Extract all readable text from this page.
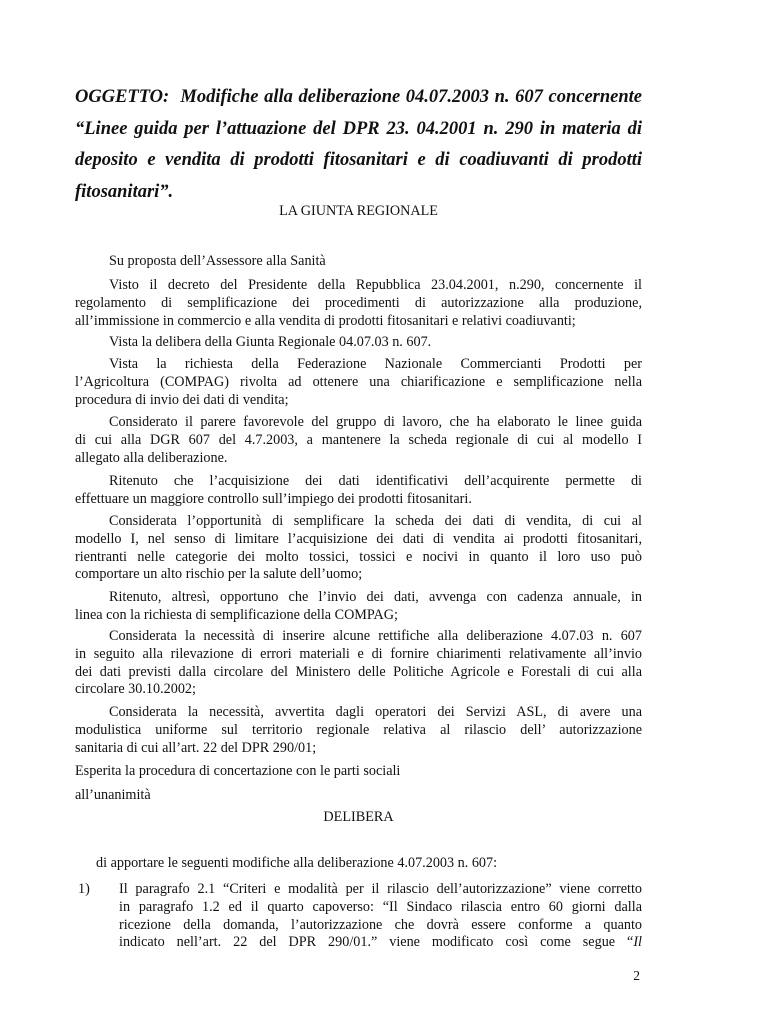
OGGETTO: Modifiche alla deliberazione 04.07.2003 n. 607 concernente
“Linee guida per l’attuazione del DPR 23. 04.2001 n. 290 in materia di
deposito e vendita di prodotti fitosanitari e di coadiuvanti di prodotti
fitosanitari”.

LA GIUNTA REGIONALE

Su proposta dell’Assessore alla Sanità

Visto il decreto del Presidente della Repubblica 23.04.2001, n.290, concernente il
regolamento di semplificazione dei procedimenti di autorizzazione alla produzione,
all’immissione in commercio e alla vendita di prodotti fitosanitari e relativi coadiuvanti;

Vista la delibera della Giunta Regionale 04.07.03 n. 607.

Vista la richiesta della Federazione Nazionale Commercianti Prodotti per
l’Agricoltura (COMPAG) rivolta ad ottenere una chiarificazione e semplificazione nella
procedura di invio dei dati di vendita;

Considerato il parere favorevole del gruppo di lavoro, che ha elaborato le linee guida
di cui alla DGR 607 del 4.7.2003, a mantenere la scheda regionale di cui al modello I
allegato alla deliberazione.

Ritenuto che l’acquisizione dei dati identificativi dell’acquirente permette di
effettuare un maggiore controllo sull’impiego dei prodotti fitosanitari.

Considerata l’opportunità di semplificare la scheda dei dati di vendita, di cui al
modello I, nel senso di limitare l’acquisizione dei dati di vendita ai prodotti fitosanitari,
rientranti nelle categorie dei molto tossici, tossici e nocivi in quanto il loro uso può
comportare un alto rischio per la salute dell’uomo;

Ritenuto, altresì, opportuno che l’invio dei dati, avvenga con cadenza annuale, in
linea con la richiesta di semplificazione della COMPAG;

Considerata la necessità di inserire alcune rettifiche alla deliberazione 4.07.03 n. 607
in seguito alla rilevazione di errori materiali e di fornire chiarimenti relativamente all’invio
dei dati previsti dalla circolare del Ministero delle Politiche Agricole e Forestali di cui alla
circolare 30.10.2002;

Considerata la necessità, avvertita dagli operatori dei Servizi ASL, di avere una
modulistica uniforme sul territorio regionale relativa al rilascio dell’ autorizzazione
sanitaria di cui all’art. 22 del DPR 290/01;

Esperita la procedura di concertazione con le parti sociali

all’unanimità

DELIBERA

di apportare le seguenti modifiche alla deliberazione 4.07.2003 n. 607:

1) Il paragrafo 2.1 “Criteri e modalità per il rilascio dell’autorizzazione” viene corretto
in paragrafo 1.2 ed il quarto capoverso: “Il Sindaco rilascia entro 60 giorni dalla
ricezione della domanda, l’autorizzazione che dovrà essere conforme a quanto
indicato nell’art. 22 del DPR 290/01.” viene modificato così come segue “Il
2
